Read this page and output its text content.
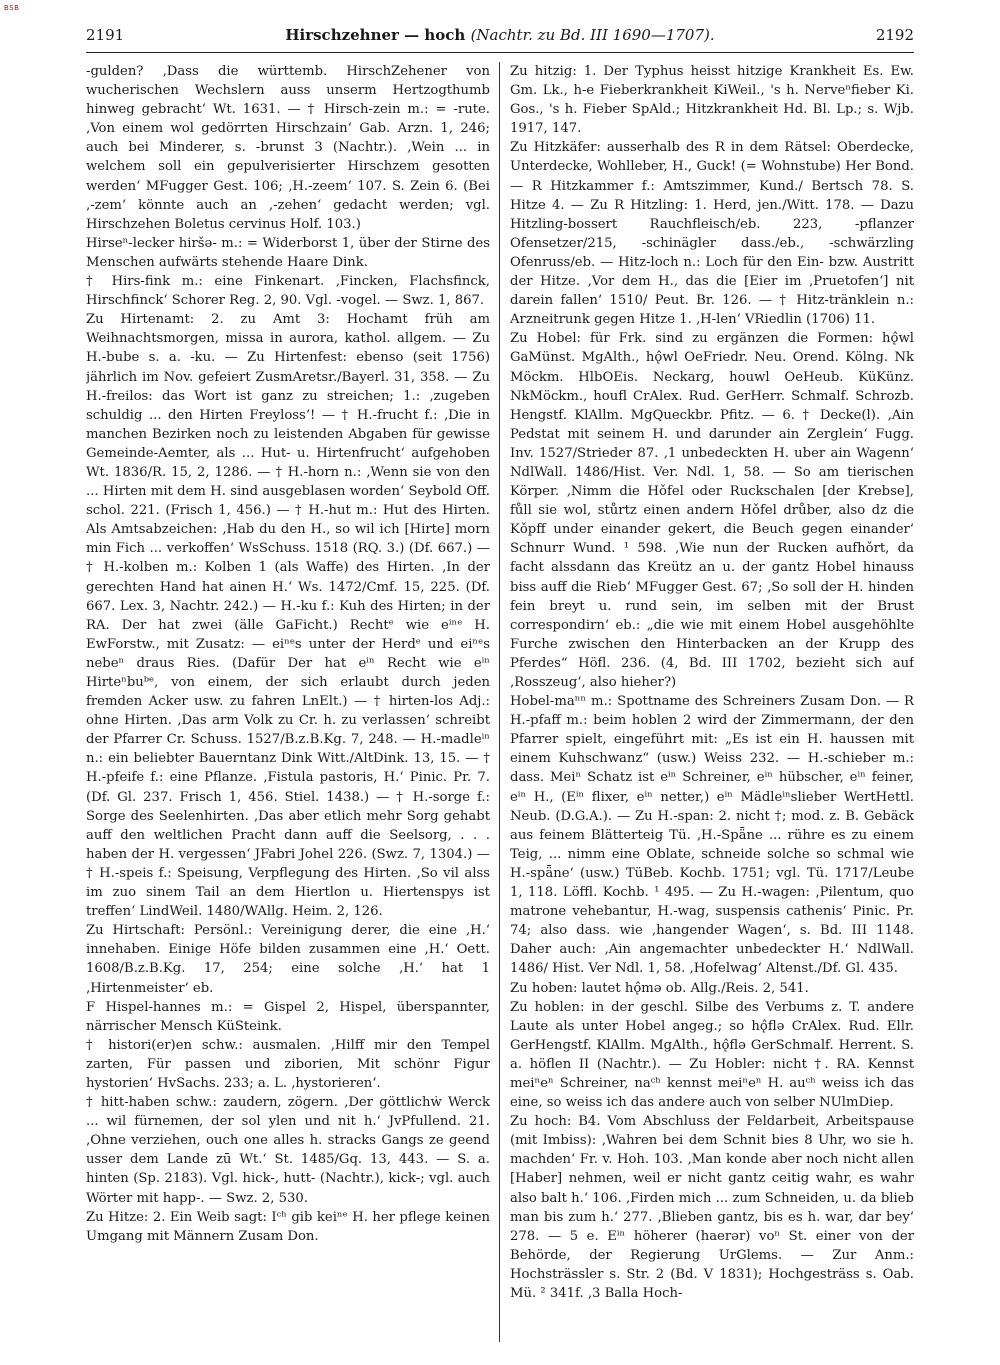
BSB
2191	Hirschzehner — hoch (Nachtr. zu Bd. III 1690—1707).	2192

-gulden? ‚Dass die württemb. HirschZehener von wucherischen Wechslern auss unserm Hertzogthumb hinweg gebracht‘ Wt. 1631. — † Hirsch-zein m.: = -rute. ‚Von einem wol gedörrten Hirschzain‘ Gab. Arzn. 1, 246; auch bei Minderer, s. -brunst 3 (Nachtr.). ‚Wein ... in welchem soll ein gepulverisierter Hirschzem gesotten werden‘ MFugger Gest. 106; ‚H.-zeem‘ 107. S. Zein 6. (Bei ‚-zem‘ könnte auch an ‚-zehen‘ gedacht werden; vgl. Hirschzehen Boletus cervinus Holf. 103.)

Hirseⁿ-lecker hiršə- m.: = Widerborst 1, über der Stirne des Menschen aufwärts stehende Haare Dink.

† Hirs-fink m.: eine Finkenart. ‚Fincken, Flachsfinck, Hirschfinck‘ Schorer Reg. 2, 90. Vgl. -vogel. — Swz. 1, 867.

Zu Hirtenamt: 2. zu Amt 3: Hochamt früh am Weihnachtsmorgen, missa in aurora, kathol. allgem. — Zu H.-bube s. a. -ku. — Zu Hirtenfest: ebenso (seit 1756) jährlich im Nov. gefeiert ZusmAretsr./Bayerl. 31, 358. — Zu H.-freilos: das Wort ist ganz zu streichen; 1.: ‚zugeben schuldig ... den Hirten Freyloss‘! — † H.-frucht f.: ‚Die in manchen Bezirken noch zu leistenden Abgaben für gewisse Gemeinde-Aemter, als ... Hut- u. Hirtenfrucht‘ aufgehoben Wt. 1836/R. 15, 2, 1286. — † H.-horn n.: ‚Wenn sie von den ... Hirten mit dem H. sind ausgeblasen worden‘ Seybold Off. schol. 221. (Frisch 1, 456.) — † H.-hut m.: Hut des Hirten. Als Amtsabzeichen: ‚Hab du den H., so wil ich [Hirte] morn min Fich ... verkoffen‘ WsSchuss. 1518 (RQ. 3.) (Df. 667.) — † H.-kolben m.: Kolben 1 (als Waffe) des Hirten. ‚In der gerechten Hand hat ainen H.‘ Ws. 1472/Cmf. 15, 225. (Df. 667. Lex. 3, Nachtr. 242.) — H.-ku f.: Kuh des Hirten; in der RA. Der hat zwei (älle GaFicht.) Rechtᵉ wie eⁱⁿᵉ H. EwForstw., mit Zusatz: — eiⁿᵉs unter der Herdᵉ und eiⁿᵉs nebeⁿ draus Ries. (Dafür Der hat eⁱⁿ Recht wie eⁱⁿ Hirteⁿbuᵇᵉ, von einem, der sich erlaubt durch jeden fremden Acker usw. zu fahren LnElt.) — † hirten-los Adj.: ohne Hirten. ‚Das arm Volk zu Cr. h. zu verlassen‘ schreibt der Pfarrer Cr. Schuss. 1527/B.z.B.Kg. 7, 248. — H.-madleⁱⁿ n.: ein beliebter Bauerntanz Dink Witt./AltDink. 13, 15. — † H.-pfeife f.: eine Pflanze. ‚Fistula pastoris, H.‘ Pinic. Pr. 7. (Df. Gl. 237. Frisch 1, 456. Stiel. 1438.) — † H.-sorge f.: Sorge des Seelenhirten. ‚Das aber etlich mehr Sorg gehabt auff den weltlichen Pracht dann auff die Seelsorg, . . . haben der H. vergessen‘ JFabri Johel 226. (Swz. 7, 1304.) — † H.-speis f.: Speisung, Verpflegung des Hirten. ‚So vil alss im zuo sinem Tail an dem Hiertlon u. Hiertenspys ist treffen‘ LindWeil. 1480/WAllg. Heim. 2, 126.

Zu Hirtschaft: Persönl.: Vereinigung derer, die eine ‚H.‘ innehaben. Einige Höfe bilden zusammen eine ‚H.‘ Oett. 1608/B.z.B.Kg. 17, 254; eine solche ‚H.‘ hat 1 ‚Hirtenmeister‘ eb.

F Hispel-hannes m.: = Gispel 2, Hispel, überspannter, närrischer Mensch KüSteink.

† histori(er)en schw.: ausmalen. ‚Hilff mir den Tempel zarten, Für passen und ziborien, Mit schönr Figur hystorien‘ HvSachs. 233; a. L. ‚hystorieren‘.

† hitt-haben schw.: zaudern, zögern. ‚Der göttlichẇ Werck ... wil fürnemen, der sol ylen und nit h.‘ JvPfullend. 21. ‚Ohne verziehen, ouch one alles h. stracks Gangs ze geend usser dem Lande zū Wt.‘ St. 1485/Gq. 13, 443. — S. a. hinten (Sp. 2183). Vgl. hick-, hutt- (Nachtr.), kick-; vgl. auch Wörter mit happ-. — Swz. 2, 530.

Zu Hitze: 2. Ein Weib sagt: Iᶜʰ gib keiⁿᵉ H. her pflege keinen Umgang mit Männern Zusam Don.

Zu hitzig: 1. Der Typhus heisst hitzige Krankheit Es. Ew. Gm. Lk., h-e Fieberkrankheit KiWeil., 's h. Nerveⁿfieber Ki. Gos., 's h. Fieber SpAld.; Hitzkrankheit Hd. Bl. Lp.; s. Wjb. 1917, 147.

Zu Hitzkäfer: ausserhalb des R in dem Rätsel: Oberdecke, Unterdecke, Wohlleber, H., Guck! (= Wohnstube) Her Bond. — R Hitzkammer f.: Amtszimmer, Kund./ Bertsch 78. S. Hitze 4. — Zu R Hitzling: 1. Herd, jen./Witt. 178. — Dazu Hitzling-bossert Rauchfleisch/eb. 223, -pflanzer Ofensetzer/215, -schinägler dass./eb., -schwärzling Ofenruss/eb. — Hitz-loch n.: Loch für den Ein- bzw. Austritt der Hitze. ‚Vor dem H., das die [Eier im ‚Pruetofen‘] nit darein fallen‘ 1510/ Peut. Br. 126. — † Hitz-tränklein n.: Arzneitrunk gegen Hitze 1. ‚H-len‘ VRiedlin (1706) 11.

Zu Hobel: für Frk. sind zu ergänzen die Formen: hǫ̂wl GaMünst. MgAlth., hǫ̂wl OeFriedr. Neu. Orend. Kölng. Nk Möckm. HlbOEis. Neckarg, houwl OeHeub. KüKünz. NkMöckm., houfl CrAlex. Rud. GerHerr. Schmalf. Schrozb. Hengstf. KlAllm. MgQueckbr. Pfitz. — 6. † Decke(l). ‚Ain Pedstat mit seinem H. und darunder ain Zerglein‘ Fugg. Inv. 1527/Strieder 87. ‚1 unbedeckten H. uber ain Wagenn‘ NdlWall. 1486/Hist. Ver. Ndl. 1, 58. — So am tierischen Körper. ‚Nimm die Hǒfel oder Ruckschalen [der Krebse], fůll sie wol, stůrtz einen andern Hǒfel drůber, also dz die Kǒpff under einander gekert, die Beuch gegen einander‘ Schnurr Wund. ¹ 598. ‚Wie nun der Rucken aufhǒrt, da facht alssdann das Kreütz an u. der gantz Hobel hinauss biss auff die Rieb‘ MFugger Gest. 67; ‚So soll der H. hinden fein breyt u. rund sein, im selben mit der Brust correspondirn‘ eb.: „die wie mit einem Hobel ausgehöhlte Furche zwischen den Hinterbacken an der Krupp des Pferdes“ Höfl. 236. (4, Bd. III 1702, bezieht sich auf ‚Rosszeug‘, also hieher?)

Hobel-maⁿⁿ m.: Spottname des Schreiners Zusam Don. — R H.-pfaff m.: beim hoblen 2 wird der Zimmermann, der den Pfarrer spielt, eingeführt mit: „Es ist ein H. haussen mit einem Kuhschwanz“ (usw.) Weiss 232. — H.-schieber m.: dass. Meiⁿ Schatz ist eⁱⁿ Schreiner, eⁱⁿ hübscher, eⁱⁿ feiner, eⁱⁿ H., (Eⁱⁿ flixer, eⁱⁿ netter,) eⁱⁿ Mädleⁱⁿslieber WertHettl. Neub. (D.G.A.). — Zu H.-span: 2. nicht †; mod. z. B. Gebäck aus feinem Blätterteig Tü. ‚H.-Spǟne ... rühre es zu einem Teig, ... nimm eine Oblate, schneide solche so schmal wie H.-spǟne‘ (usw.) TüBeb. Kochb. 1751; vgl. Tü. 1717/Leube 1, 118. Löffl. Kochb. ¹ 495. — Zu H.-wagen: ‚Pilentum, quo matrone vehebantur, H.-wag, suspensis cathenis‘ Pinic. Pr. 74; also dass. wie ‚hangender Wagen‘, s. Bd. III 1148. Daher auch: ‚Ain angemachter unbedeckter H.‘ NdlWall. 1486/ Hist. Ver Ndl. 1, 58. ‚Hofelwag‘ Altenst./Df. Gl. 435.

Zu hoben: lautet hǫ̂mə ob. Allg./Reis. 2, 541.

Zu hoblen: in der geschl. Silbe des Verbums z. T. andere Laute als unter Hobel angeg.; so hǫ̂flə CrAlex. Rud. Ellr. GerHengstf. KlAllm. MgAlth., hǫ̂flə GerSchmalf. Herrent. S. a. höflen II (Nachtr.). — Zu Hobler: nicht †. RA. Kennst meiⁿeⁿ Schreiner, naᶜʰ kennst meiⁿeⁿ H. auᶜʰ weiss ich das eine, so weiss ich das andere auch von selber NUlmDiep.

Zu hoch: B4. Vom Abschluss der Feldarbeit, Arbeitspause (mit Imbiss): ‚Wahren bei dem Schnit bies 8 Uhr, wo sie h. machden‘ Fr. v. Hoh. 103. ‚Man konde aber noch nicht allen [Haber] nehmen, weil er nicht gantz ceitig wahr, es wahr also balt h.‘ 106. ‚Firden mich ... zum Schneiden, u. da blieb man bis zum h.‘ 277. ‚Blieben gantz, bis es h. war, dar bey‘ 278. — 5 e. Eⁱⁿ höherer (haerər) voⁿ St. einer von der Behörde, der Regierung UrGlems. — Zur Anm.: Hochsträssler s. Str. 2 (Bd. V 1831); Hochgesträss s. Oab. Mü. ² 341f. ‚3 Balla Hoch-
